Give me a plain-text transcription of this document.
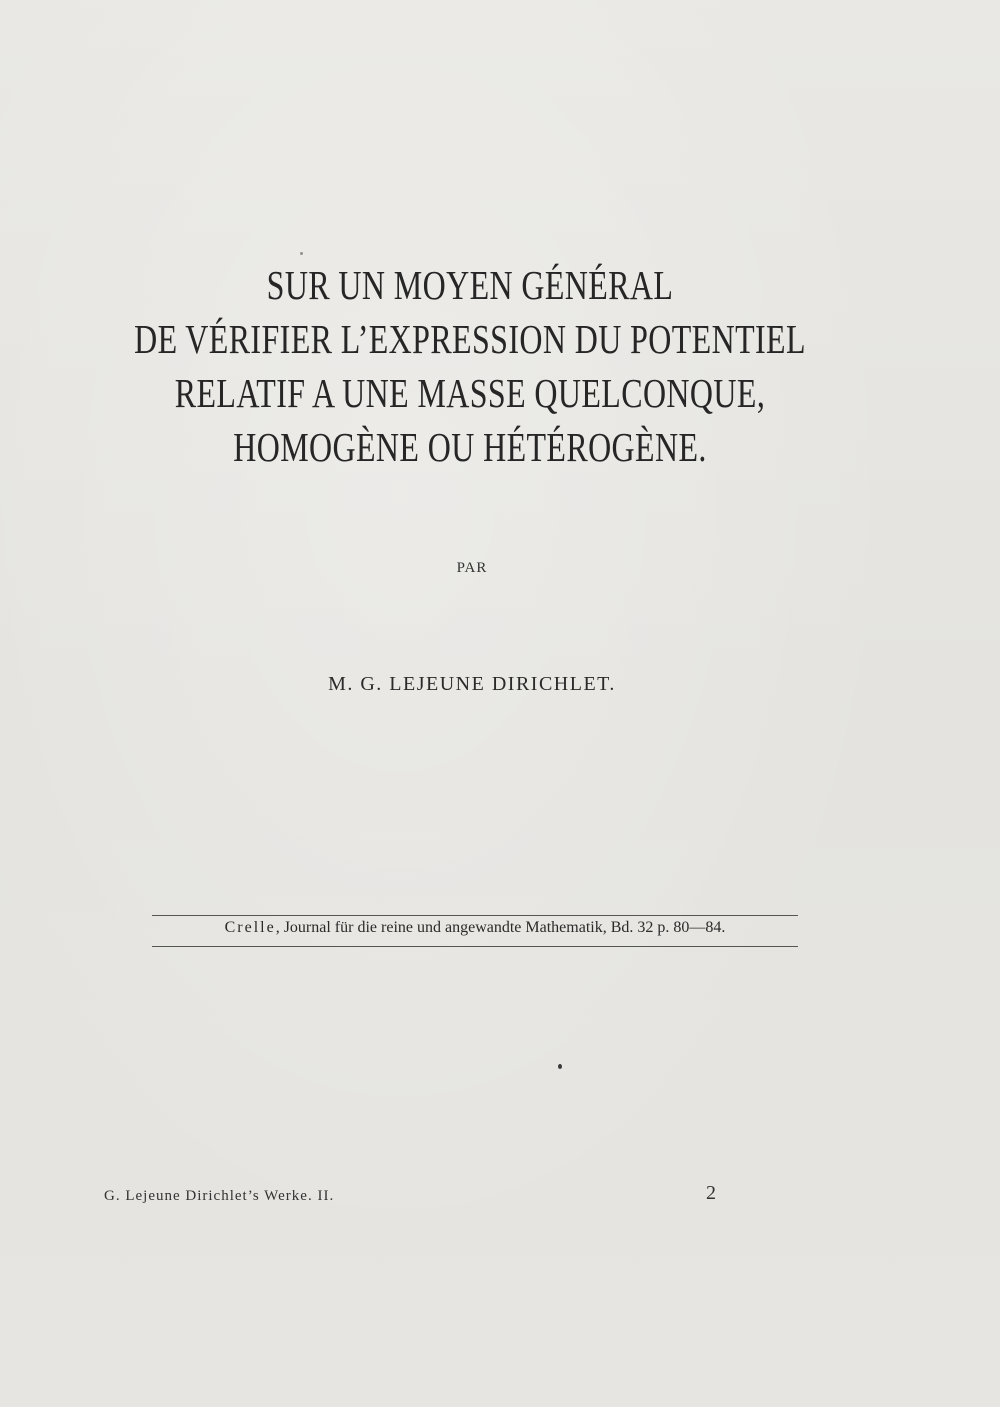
SUR UN MOYEN GÉNÉRAL
DE VÉRIFIER L’EXPRESSION DU POTENTIEL
RELATIF A UNE MASSE QUELCONQUE,
HOMOGÈNE OU HÉTÉROGÈNE.
PAR
M. G. LEJEUNE DIRICHLET.
Crelle, Journal für die reine und angewandte Mathematik, Bd. 32 p. 80—84.
G. Lejeune Dirichlet’s Werke. II.	2
